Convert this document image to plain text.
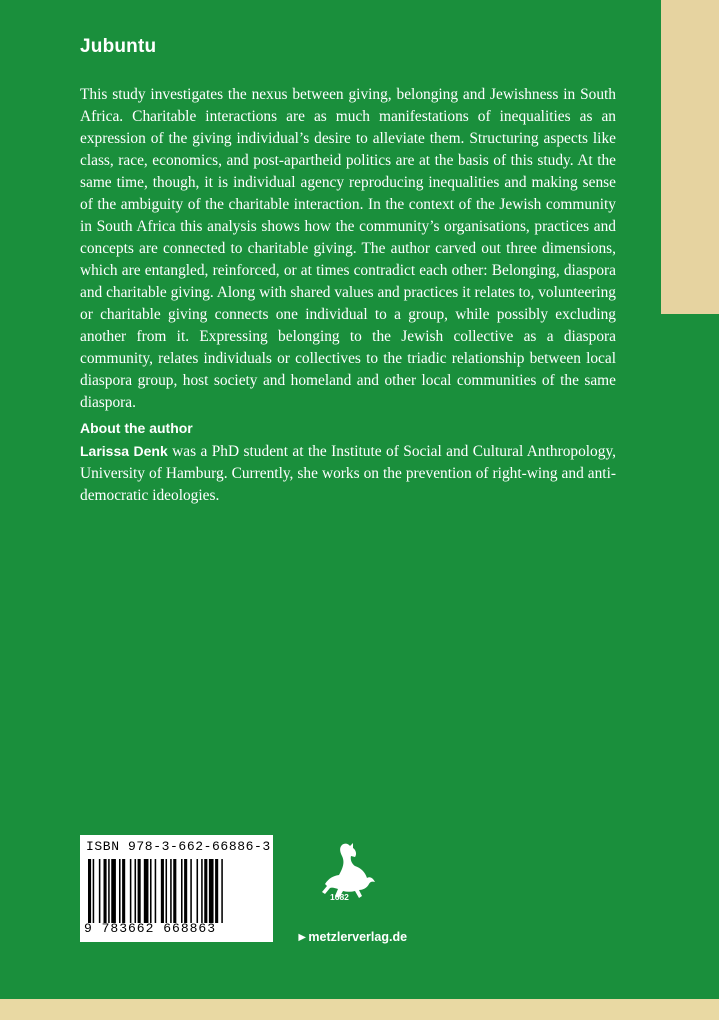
Jubuntu
This study investigates the nexus between giving, belonging and Jewishness in South Africa. Charitable interactions are as much manifestations of inequalities as an expression of the giving individual’s desire to alleviate them. Structuring aspects like class, race, economics, and post-apartheid politics are at the basis of this study. At the same time, though, it is individual agency reproducing inequalities and making sense of the ambiguity of the charitable interaction. In the context of the Jewish community in South Africa this analysis shows how the community’s organisations, practices and concepts are connected to charitable giving. The author carved out three dimensions, which are entangled, reinforced, or at times contradict each other: Belonging, diaspora and charitable giving. Along with shared values and practices it relates to, volunteering or charitable giving connects one individual to a group, while possibly excluding another from it. Expressing belonging to the Jewish collective as a diaspora community, relates individuals or collectives to the triadic relationship between local diaspora group, host society and homeland and other local communities of the same diaspora.
About the author
Larissa Denk was a PhD student at the Institute of Social and Cultural Anthropology, University of Hamburg. Currently, she works on the prevention of right-wing and anti-democratic ideologies.
ISBN 978-3-662-66886-3
9 783662 668863
1682
►metzlerverlag.de
